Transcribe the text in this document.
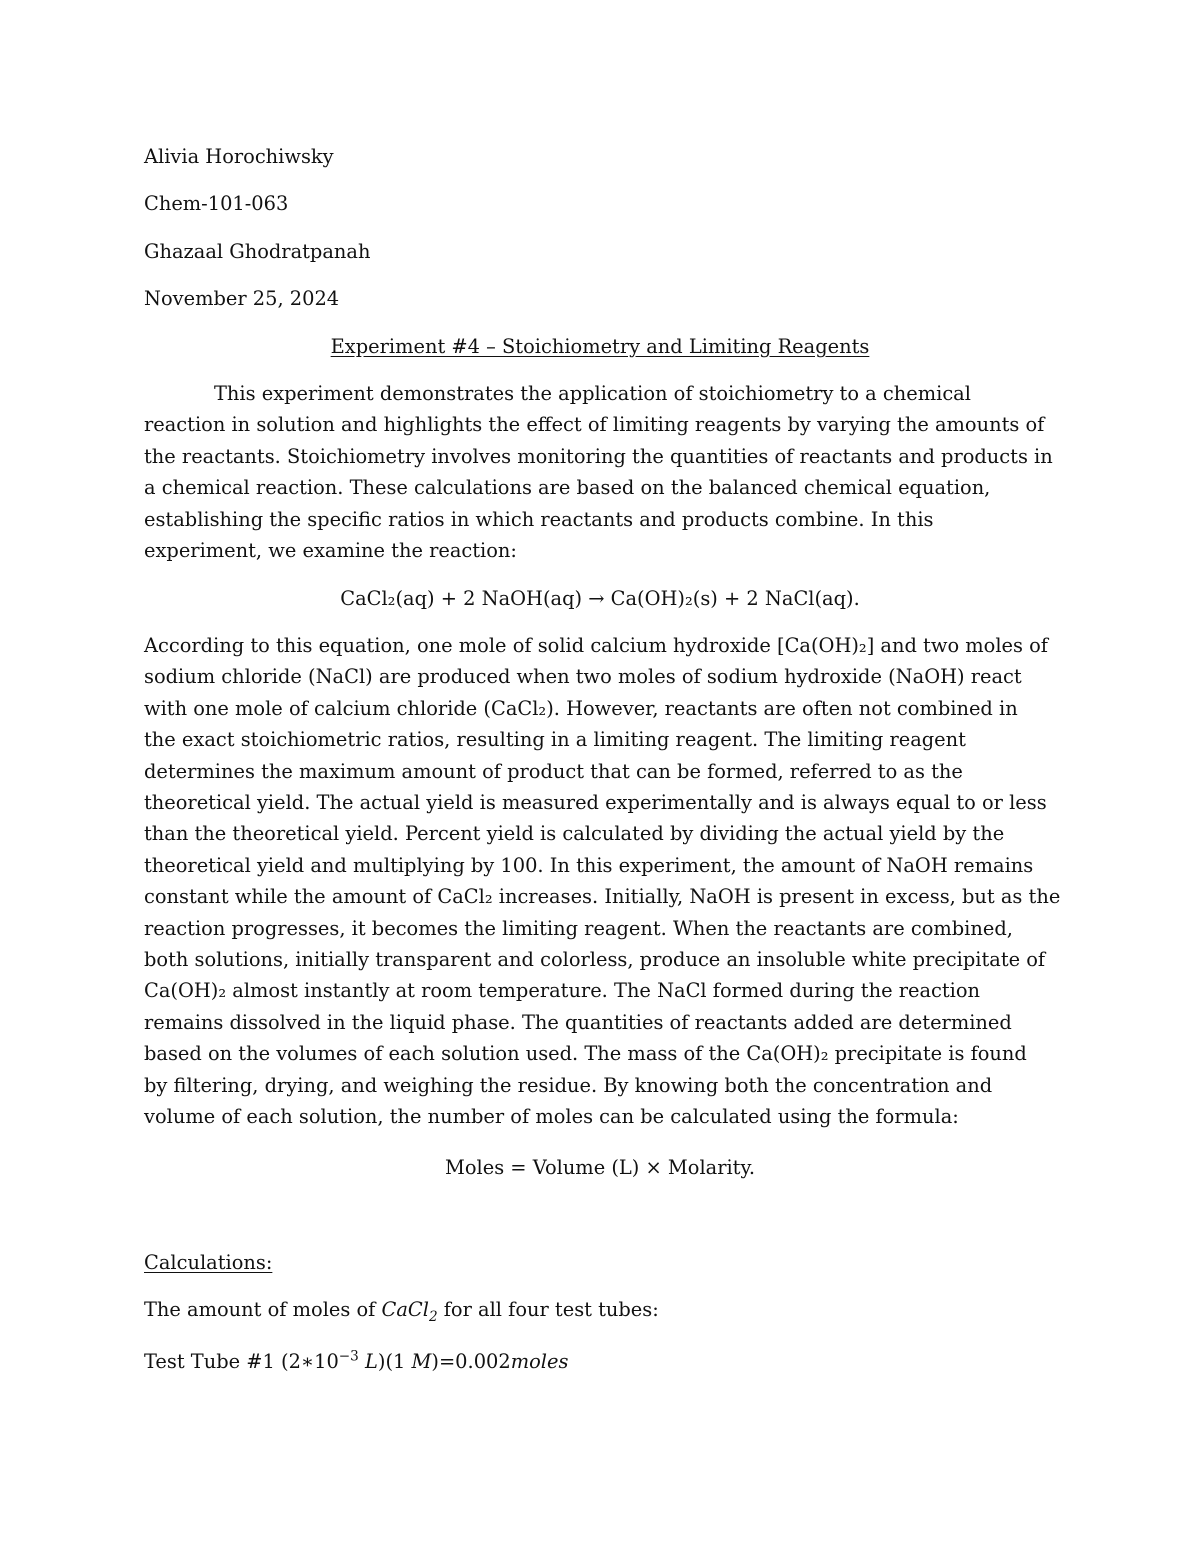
Alivia Horochiwsky
Chem-101-063
Ghazaal Ghodratpanah
November 25, 2024
Experiment #4 – Stoichiometry and Limiting Reagents
This experiment demonstrates the application of stoichiometry to a chemical
reaction in solution and highlights the effect of limiting reagents by varying the amounts of
the reactants. Stoichiometry involves monitoring the quantities of reactants and products in
a chemical reaction. These calculations are based on the balanced chemical equation,
establishing the specific ratios in which reactants and products combine. In this
experiment, we examine the reaction:
CaCl₂(aq) + 2 NaOH(aq) → Ca(OH)₂(s) + 2 NaCl(aq).
According to this equation, one mole of solid calcium hydroxide [Ca(OH)₂] and two moles of
sodium chloride (NaCl) are produced when two moles of sodium hydroxide (NaOH) react
with one mole of calcium chloride (CaCl₂). However, reactants are often not combined in
the exact stoichiometric ratios, resulting in a limiting reagent. The limiting reagent
determines the maximum amount of product that can be formed, referred to as the
theoretical yield. The actual yield is measured experimentally and is always equal to or less
than the theoretical yield. Percent yield is calculated by dividing the actual yield by the
theoretical yield and multiplying by 100. In this experiment, the amount of NaOH remains
constant while the amount of CaCl₂ increases. Initially, NaOH is present in excess, but as the
reaction progresses, it becomes the limiting reagent. When the reactants are combined,
both solutions, initially transparent and colorless, produce an insoluble white precipitate of
Ca(OH)₂ almost instantly at room temperature. The NaCl formed during the reaction
remains dissolved in the liquid phase. The quantities of reactants added are determined
based on the volumes of each solution used. The mass of the Ca(OH)₂ precipitate is found
by filtering, drying, and weighing the residue. By knowing both the concentration and
volume of each solution, the number of moles can be calculated using the formula:
Moles = Volume (L) × Molarity.
Calculations:
The amount of moles of CaCl$_2$ for all four test tubes:
Test Tube #1 ($2∗10^{-3}$ L)(1 M)=0.002moles
